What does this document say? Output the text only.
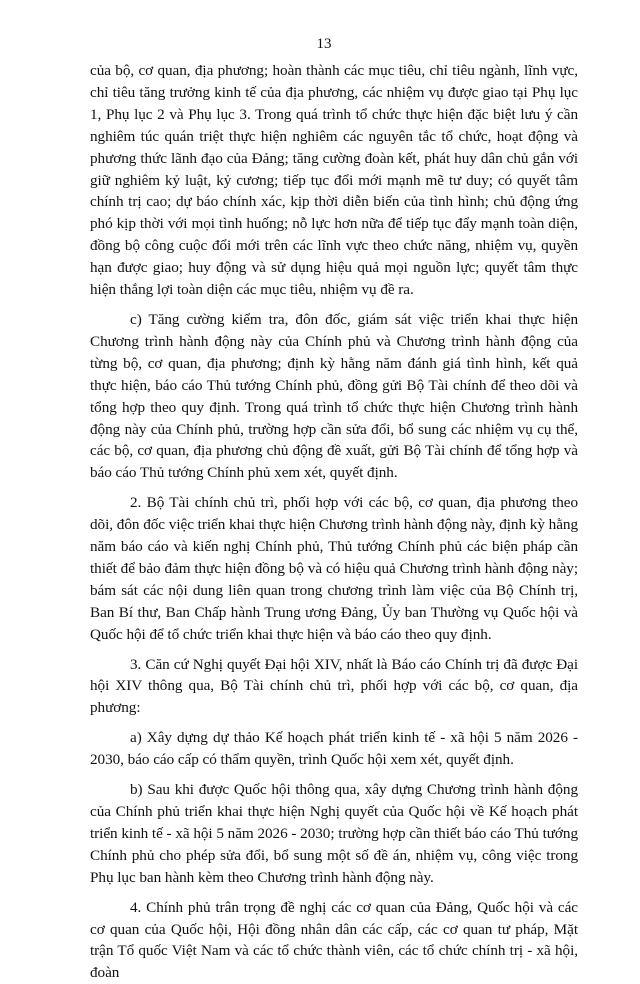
13

của bộ, cơ quan, địa phương; hoàn thành các mục tiêu, chỉ tiêu ngành, lĩnh vực, chỉ tiêu tăng trưởng kinh tế của địa phương, các nhiệm vụ được giao tại Phụ lục 1, Phụ lục 2 và Phụ lục 3. Trong quá trình tổ chức thực hiện đặc biệt lưu ý cần nghiêm túc quán triệt thực hiện nghiêm các nguyên tắc tổ chức, hoạt động và phương thức lãnh đạo của Đảng; tăng cường đoàn kết, phát huy dân chủ gắn với giữ nghiêm kỷ luật, kỷ cương; tiếp tục đổi mới mạnh mẽ tư duy; có quyết tâm chính trị cao; dự báo chính xác, kịp thời diễn biến của tình hình; chủ động ứng phó kịp thời với mọi tình huống; nỗ lực hơn nữa để tiếp tục đẩy mạnh toàn diện, đồng bộ công cuộc đổi mới trên các lĩnh vực theo chức năng, nhiệm vụ, quyền hạn được giao; huy động và sử dụng hiệu quả mọi nguồn lực; quyết tâm thực hiện thắng lợi toàn diện các mục tiêu, nhiệm vụ đề ra.

c) Tăng cường kiểm tra, đôn đốc, giám sát việc triển khai thực hiện Chương trình hành động này của Chính phủ và Chương trình hành động của từng bộ, cơ quan, địa phương; định kỳ hằng năm đánh giá tình hình, kết quả thực hiện, báo cáo Thủ tướng Chính phủ, đồng gửi Bộ Tài chính để theo dõi và tổng hợp theo quy định. Trong quá trình tổ chức thực hiện Chương trình hành động này của Chính phủ, trường hợp cần sửa đổi, bổ sung các nhiệm vụ cụ thể, các bộ, cơ quan, địa phương chủ động đề xuất, gửi Bộ Tài chính để tổng hợp và báo cáo Thủ tướng Chính phủ xem xét, quyết định.

2. Bộ Tài chính chủ trì, phối hợp với các bộ, cơ quan, địa phương theo dõi, đôn đốc việc triển khai thực hiện Chương trình hành động này, định kỳ hằng năm báo cáo và kiến nghị Chính phủ, Thủ tướng Chính phủ các biện pháp cần thiết để bảo đảm thực hiện đồng bộ và có hiệu quả Chương trình hành động này; bám sát các nội dung liên quan trong chương trình làm việc của Bộ Chính trị, Ban Bí thư, Ban Chấp hành Trung ương Đảng, Ủy ban Thường vụ Quốc hội và Quốc hội để tổ chức triển khai thực hiện và báo cáo theo quy định.

3. Căn cứ Nghị quyết Đại hội XIV, nhất là Báo cáo Chính trị đã được Đại hội XIV thông qua, Bộ Tài chính chủ trì, phối hợp với các bộ, cơ quan, địa phương:

a) Xây dựng dự thảo Kế hoạch phát triển kinh tế - xã hội 5 năm 2026 - 2030, báo cáo cấp có thẩm quyền, trình Quốc hội xem xét, quyết định.

b) Sau khi được Quốc hội thông qua, xây dựng Chương trình hành động của Chính phủ triển khai thực hiện Nghị quyết của Quốc hội về Kế hoạch phát triển kinh tế - xã hội 5 năm 2026 - 2030; trường hợp cần thiết báo cáo Thủ tướng Chính phủ cho phép sửa đổi, bổ sung một số đề án, nhiệm vụ, công việc trong Phụ lục ban hành kèm theo Chương trình hành động này.

4. Chính phủ trân trọng đề nghị các cơ quan của Đảng, Quốc hội và các cơ quan của Quốc hội, Hội đồng nhân dân các cấp, các cơ quan tư pháp, Mặt trận Tổ quốc Việt Nam và các tổ chức thành viên, các tổ chức chính trị - xã hội, đoàn
